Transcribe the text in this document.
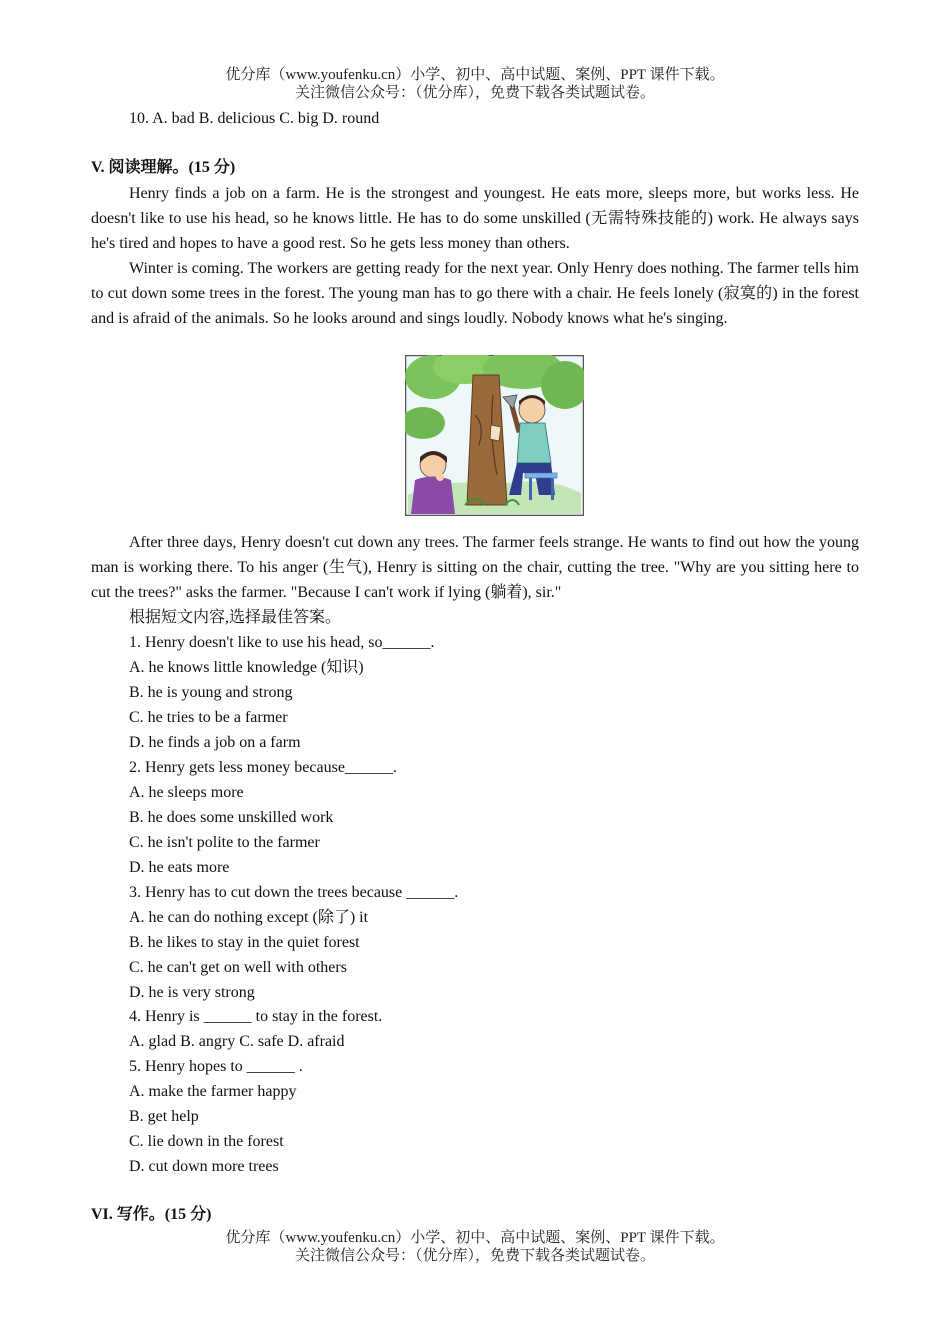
优分库（www.youfenku.cn）小学、初中、高中试题、案例、PPT 课件下载。
关注微信公众号：（优分库），免费下载各类试题试卷。
10. A. bad B. delicious C. big D. round
V. 阅读理解。(15 分)
Henry finds a job on a farm. He is the strongest and youngest. He eats more, sleeps more, but works less. He doesn't like to use his head, so he knows little. He has to do some unskilled (无需特殊技能的) work. He always says he's tired and hopes to have a good rest. So he gets less money than others.
Winter is coming. The workers are getting ready for the next year. Only Henry does nothing. The farmer tells him to cut down some trees in the forest. The young man has to go there with a chair. He feels lonely (寂寞的) in the forest and is afraid of the animals. So he looks around and sings loudly. Nobody knows what he's singing.
After three days, Henry doesn't cut down any trees. The farmer feels strange. He wants to find out how the young man is working there. To his anger (生气), Henry is sitting on the chair, cutting the tree. "Why are you sitting here to cut the trees?" asks the farmer. "Because I can't work if lying (躺着), sir."
根据短文内容,选择最佳答案。
1. Henry doesn't like to use his head, so______.
A. he knows little knowledge (知识)
B. he is young and strong
C. he tries to be a farmer
D. he finds a job on a farm
2. Henry gets less money because______.
A. he sleeps more
B. he does some unskilled work
C. he isn't polite to the farmer
D. he eats more
3. Henry has to cut down the trees because ______.
A. he can do nothing except (除了) it
B. he likes to stay in the quiet forest
C. he can't get on well with others
D. he is very strong
4. Henry is ______ to stay in the forest.
A. glad B. angry C. safe D. afraid
5. Henry hopes to ______ .
A. make the farmer happy
B. get help
C. lie down in the forest
D. cut down more trees
VI. 写作。(15 分)
优分库（www.youfenku.cn）小学、初中、高中试题、案例、PPT 课件下载。
关注微信公众号：（优分库），免费下载各类试题试卷。
